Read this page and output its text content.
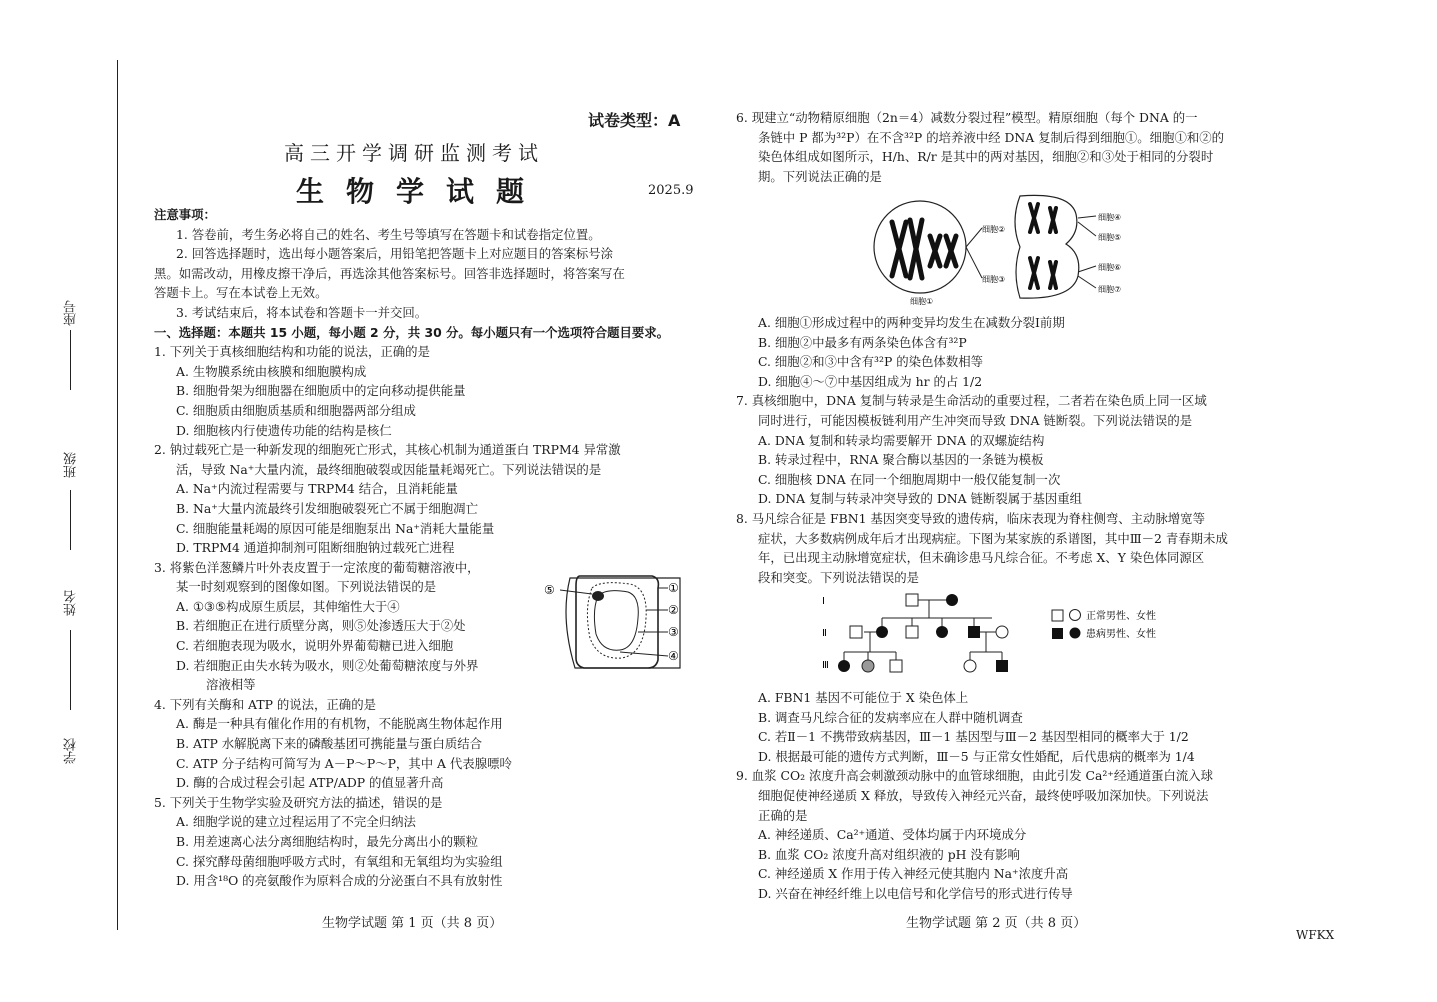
座号
班级
姓名
学校
试卷类型：A
高三开学调研监测考试
生物学试题	2025.9

注意事项：

1. 答卷前，考生务必将自己的姓名、考生号等填写在答题卡和试卷指定位置。

2. 回答选择题时，选出每小题答案后，用铅笔把答题卡上对应题目的答案标号涂

黑。如需改动，用橡皮擦干净后，再选涂其他答案标号。回答非选择题时，将答案写在

答题卡上。写在本试卷上无效。

3. 考试结束后，将本试卷和答题卡一并交回。

一、选择题：本题共 15 小题，每小题 2 分，共 30 分。每小题只有一个选项符合题目要求。

1. 下列关于真核细胞结构和功能的说法，正确的是

A. 生物膜系统由核膜和细胞膜构成

B. 细胞骨架为细胞器在细胞质中的定向移动提供能量

C. 细胞质由细胞质基质和细胞器两部分组成

D. 细胞核内行使遗传功能的结构是核仁

2. 钠过载死亡是一种新发现的细胞死亡形式，其核心机制为通道蛋白 TRPM4 异常激

活，导致 Na⁺大量内流，最终细胞破裂或因能量耗竭死亡。下列说法错误的是

A. Na⁺内流过程需要与 TRPM4 结合，且消耗能量

B. Na⁺大量内流最终引发细胞破裂死亡不属于细胞凋亡

C. 细胞能量耗竭的原因可能是细胞泵出 Na⁺消耗大量能量

D. TRPM4 通道抑制剂可阻断细胞钠过载死亡进程

3. 将紫色洋葱鳞片叶外表皮置于一定浓度的葡萄糖溶液中，

某一时刻观察到的图像如图。下列说法错误的是

A. ①③⑤构成原生质层，其伸缩性大于④

B. 若细胞正在进行质壁分离，则⑤处渗透压大于②处

C. 若细胞表现为吸水，说明外界葡萄糖已进入细胞

D. 若细胞正由失水转为吸水，则②处葡萄糖浓度与外界

溶液相等

4. 下列有关酶和 ATP 的说法，正确的是

A. 酶是一种具有催化作用的有机物，不能脱离生物体起作用

B. ATP 水解脱离下来的磷酸基团可携能量与蛋白质结合

C. ATP 分子结构可简写为 A－P～P～P，其中 A 代表腺嘌呤

D. 酶的合成过程会引起 ATP/ADP 的值显著升高

5. 下列关于生物学实验及研究方法的描述，错误的是

A. 细胞学说的建立过程运用了不完全归纳法

B. 用差速离心法分离细胞结构时，最先分离出小的颗粒

C. 探究酵母菌细胞呼吸方式时，有氧组和无氧组均为实验组

D. 用含¹⁸O 的亮氨酸作为原料合成的分泌蛋白不具有放射性

①
②
③
④
⑤

6. 现建立“动物精原细胞（2n＝4）减数分裂过程”模型。精原细胞（每个 DNA 的一

条链中 P 都为³²P）在不含³²P 的培养液中经 DNA 复制后得到细胞①。细胞①和②的

染色体组成如图所示，H/h、R/r 是其中的两对基因，细胞②和③处于相同的分裂时

期。下列说法正确的是

细胞①
细胞②
细胞③
细胞④
细胞⑤
细胞⑥
细胞⑦

A. 细胞①形成过程中的两种变异均发生在减数分裂Ⅰ前期

B. 细胞②中最多有两条染色体含有³²P

C. 细胞②和③中含有³²P 的染色体数相等

D. 细胞④～⑦中基因组成为 hr 的占 1/2

7. 真核细胞中，DNA 复制与转录是生命活动的重要过程，二者若在染色质上同一区域

同时进行，可能因模板链利用产生冲突而导致 DNA 链断裂。下列说法错误的是

A. DNA 复制和转录均需要解开 DNA 的双螺旋结构

B. 转录过程中，RNA 聚合酶以基因的一条链为模板

C. 细胞核 DNA 在同一个细胞周期中一般仅能复制一次

D. DNA 复制与转录冲突导致的 DNA 链断裂属于基因重组

8. 马凡综合征是 FBN1 基因突变导致的遗传病，临床表现为脊柱侧弯、主动脉增宽等

症状，大多数病例成年后才出现病症。下图为某家族的系谱图，其中Ⅲ－2 青春期未成

年，已出现主动脉增宽症状，但未确诊患马凡综合征。不考虑 X、Y 染色体同源区

段和突变。下列说法错误的是

Ⅰ
Ⅱ
Ⅲ
正常男性、女性
患病男性、女性

A. FBN1 基因不可能位于 X 染色体上

B. 调查马凡综合征的发病率应在人群中随机调查

C. 若Ⅱ－1 不携带致病基因，Ⅲ－1 基因型与Ⅲ－2 基因型相同的概率大于 1/2

D. 根据最可能的遗传方式判断，Ⅲ－5 与正常女性婚配，后代患病的概率为 1/4

9. 血浆 CO₂ 浓度升高会刺激颈动脉中的血管球细胞，由此引发 Ca²⁺经通道蛋白流入球

细胞促使神经递质 X 释放，导致传入神经元兴奋，最终使呼吸加深加快。下列说法

正确的是

A. 神经递质、Ca²⁺通道、受体均属于内环境成分

B. 血浆 CO₂ 浓度升高对组织液的 pH 没有影响

C. 神经递质 X 作用于传入神经元使其胞内 Na⁺浓度升高

D. 兴奋在神经纤维上以电信号和化学信号的形式进行传导

生物学试题 第 1 页（共 8 页）	生物学试题 第 2 页（共 8 页）
WFKX
